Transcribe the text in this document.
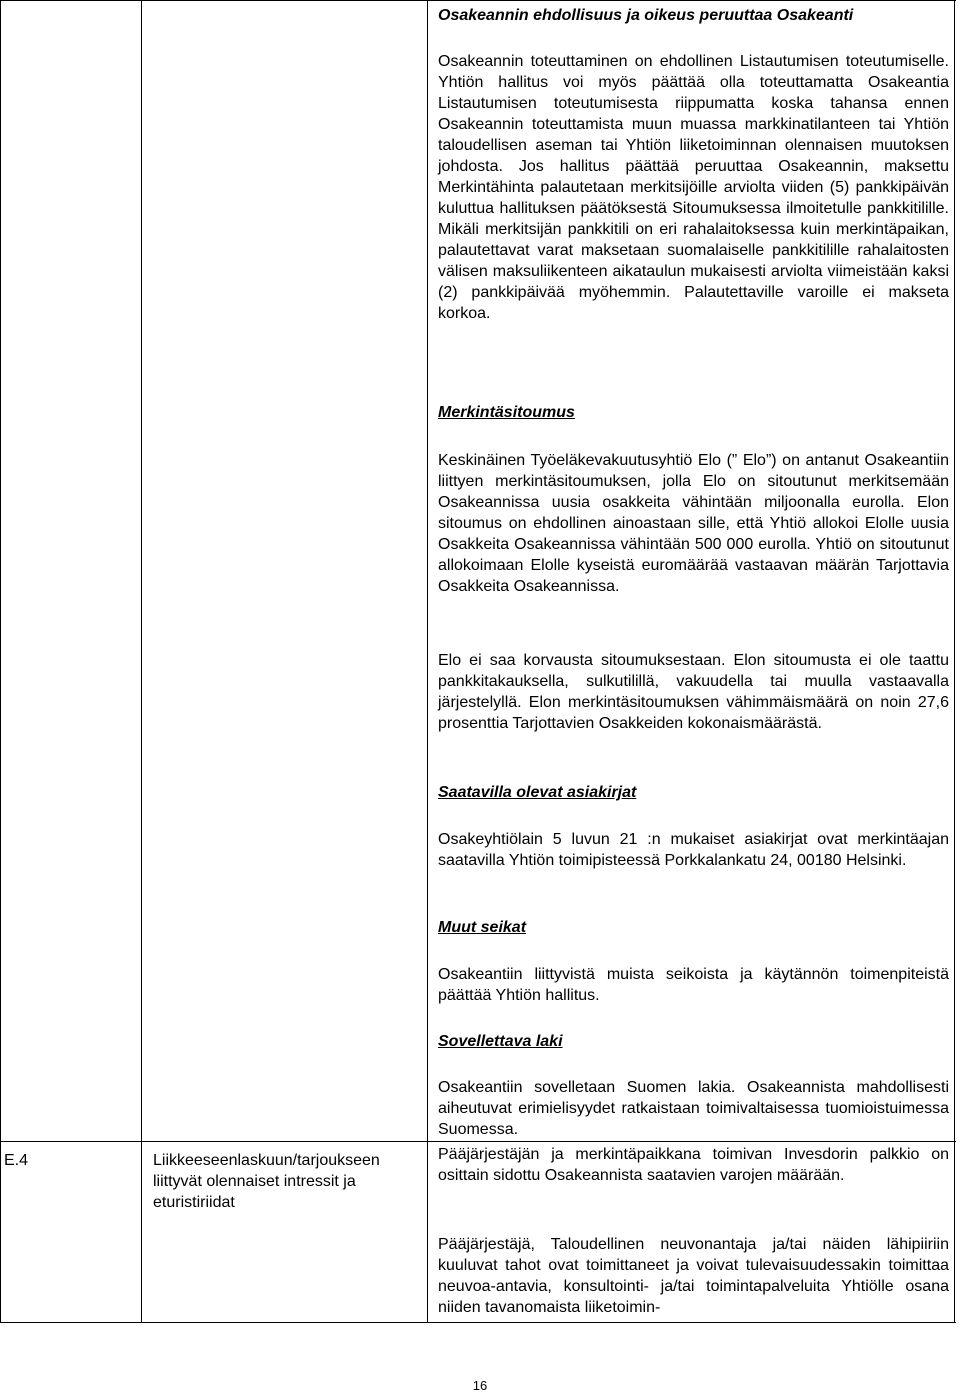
Osakeannin ehdollisuus ja oikeus peruuttaa Osakeanti

Osakeannin toteuttaminen on ehdollinen Listautumisen toteutumiselle. Yhtiön hallitus voi myös päättää olla toteuttamatta Osakeantia Listautumisen toteutumisesta riippumatta koska tahansa ennen Osakeannin toteuttamista muun muassa markkinatilanteen tai Yhtiön taloudellisen aseman tai Yhtiön liiketoiminnan olennaisen muutoksen johdosta. Jos hallitus päättää peruuttaa Osakeannin, maksettu Merkintähinta palautetaan merkitsijöille arviolta viiden (5) pankkipäivän kuluttua hallituksen päätöksestä Sitoumuksessa ilmoitetulle pankkitilille. Mikäli merkitsijän pankkitili on eri rahalaitoksessa kuin merkintäpaikan, palautettavat varat maksetaan suomalaiselle pankkitilille rahalaitosten välisen maksuliikenteen aikataulun mukaisesti arviolta viimeistään kaksi (2) pankkipäivää myöhemmin. Palautettaville varoille ei makseta korkoa.

Merkintäsitoumus

Keskinäinen Työeläkevakuutusyhtiö Elo (” Elo”) on antanut Osakeantiin liittyen merkintäsitoumuksen, jolla Elo on sitoutunut merkitsemään Osakeannissa uusia osakkeita vähintään miljoonalla eurolla. Elon sitoumus on ehdollinen ainoastaan sille, että Yhtiö allokoi Elolle uusia Osakkeita Osakeannissa vähintään 500 000 eurolla. Yhtiö on sitoutunut allokoimaan Elolle kyseistä euromäärää vastaavan määrän Tarjottavia Osakkeita Osakeannissa.

Elo ei saa korvausta sitoumuksestaan. Elon sitoumusta ei ole taattu pankkitakauksella, sulkutilillä, vakuudella tai muulla vastaavalla järjestelyllä. Elon merkintäsitoumuksen vähimmäismäärä on noin 27,6 prosenttia Tarjottavien Osakkeiden kokonaismäärästä.

Saatavilla olevat asiakirjat

Osakeyhtiölain 5 luvun 21 :n mukaiset asiakirjat ovat merkintäajan saatavilla Yhtiön toimipisteessä Porkkalankatu 24, 00180 Helsinki.

Muut seikat

Osakeantiin liittyvistä muista seikoista ja käytännön toimenpiteistä päättää Yhtiön hallitus.

Sovellettava laki

Osakeantiin sovelletaan Suomen lakia. Osakeannista mahdollisesti aiheutuvat erimielisyydet ratkaistaan toimivaltaisessa tuomioistuimessa Suomessa.

E.4	Liikkeeseenlaskuun/tarjoukseen liittyvät olennaiset intressit ja eturistiriidat

Pääjärjestäjän ja merkintäpaikkana toimivan Invesdorin palkkio on osittain sidottu Osakeannista saatavien varojen määrään.

Pääjärjestäjä, Taloudellinen neuvonantaja ja/tai näiden lähipiiriin kuuluvat tahot ovat toimittaneet ja voivat tulevaisuudessakin toimittaa neuvoa-antavia, konsultointi- ja/tai toimintapalveluita Yhtiölle osana niiden tavanomaista liiketoimin-

16
